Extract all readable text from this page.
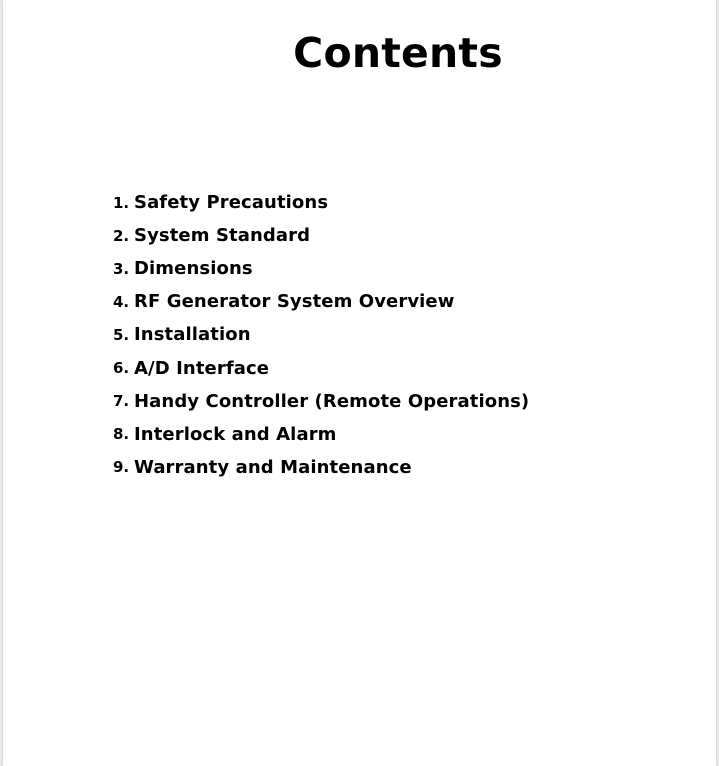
Contents
1. Safety Precautions
2. System Standard
3. Dimensions
4. RF Generator System Overview
5. Installation
6. A/D Interface
7. Handy Controller (Remote Operations)
8. Interlock and Alarm
9. Warranty and Maintenance
